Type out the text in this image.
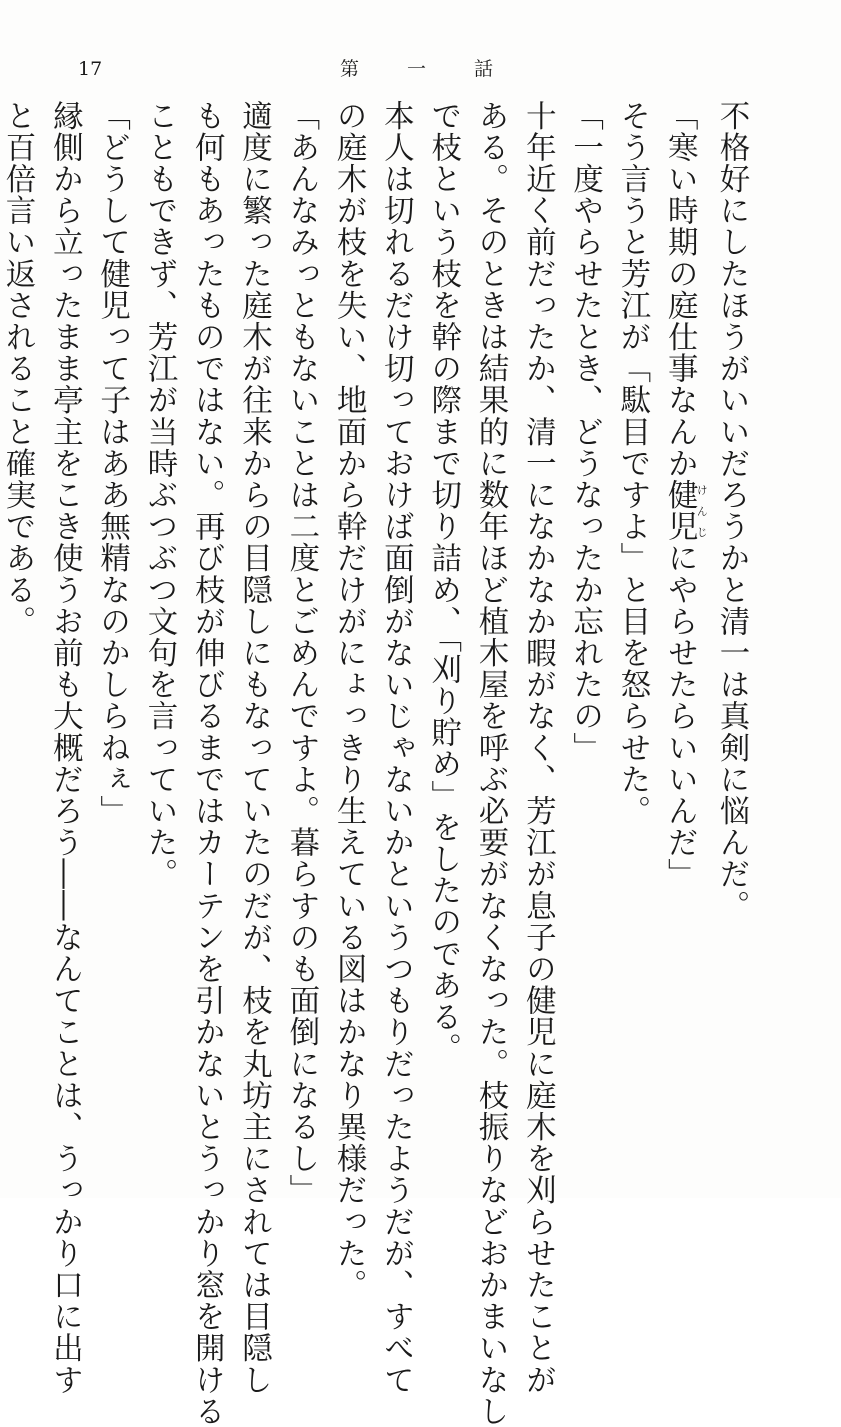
17	第一話

不格好にしたほうがいいだろうかと清一は真剣に悩んだ。

「寒い時期の庭仕事なんか健児けんじにやらせたらいいんだ」

そう言うと芳江が「駄目ですよ」と目を怒らせた。

「一度やらせたとき、どうなったか忘れたの」

十年近く前だったか、清一になかなか暇がなく、芳江が息子の健児に庭木を刈らせたことが

ある。そのときは結果的に数年ほど植木屋を呼ぶ必要がなくなった。枝振りなどおかまいなし

で枝という枝を幹の際まで切り詰め、「刈り貯め」をしたのである。

本人は切れるだけ切っておけば面倒がないじゃないかというつもりだったようだが、すべて

の庭木が枝を失い、地面から幹だけがにょっきり生えている図はかなり異様だった。

「あんなみっともないことは二度とごめんですよ。暮らすのも面倒になるし」

適度に繁った庭木が往来からの目隠しにもなっていたのだが、枝を丸坊主にされては目隠し

も何もあったものではない。再び枝が伸びるまではカーテンを引かないとうっかり窓を開ける

こともできず、芳江が当時ぶつぶつ文句を言っていた。

「どうして健児って子はああ無精なのかしらねぇ」

縁側から立ったまま亭主をこき使うお前も大概だろう――なんてことは、うっかり口に出す

と百倍言い返されること確実である。
